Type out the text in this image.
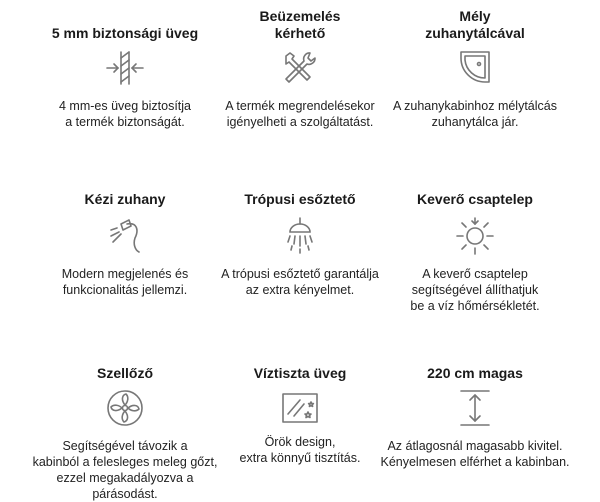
5 mm biztonsági üveg
4 mm-es üveg biztosítja
a termék biztonságát.
Beüzemelés
kérhető
A termék megrendelésekor
igényelheti a szolgáltatást.
Mély
zuhanytálcával
A zuhanykabinhoz mélytálcás
zuhanytálca jár.
Kézi zuhany
Modern megjelenés és
funkcionalitás jellemzi.
Trópusi esőztető
A trópusi esőztető garantálja
az extra kényelmet.
Keverő csaptelep
A keverő csaptelep
segítségével állíthatjuk
be a víz hőmérsékletét.
Szellőző
Segítségével távozik a
kabinból a felesleges meleg gőzt,
ezzel megakadályozva a párásodást.
Víztiszta üveg
Örök design,
extra könnyű tisztítás.
220 cm magas
Az átlagosnál magasabb kivitel.
Kényelmesen elférhet a kabinban.
